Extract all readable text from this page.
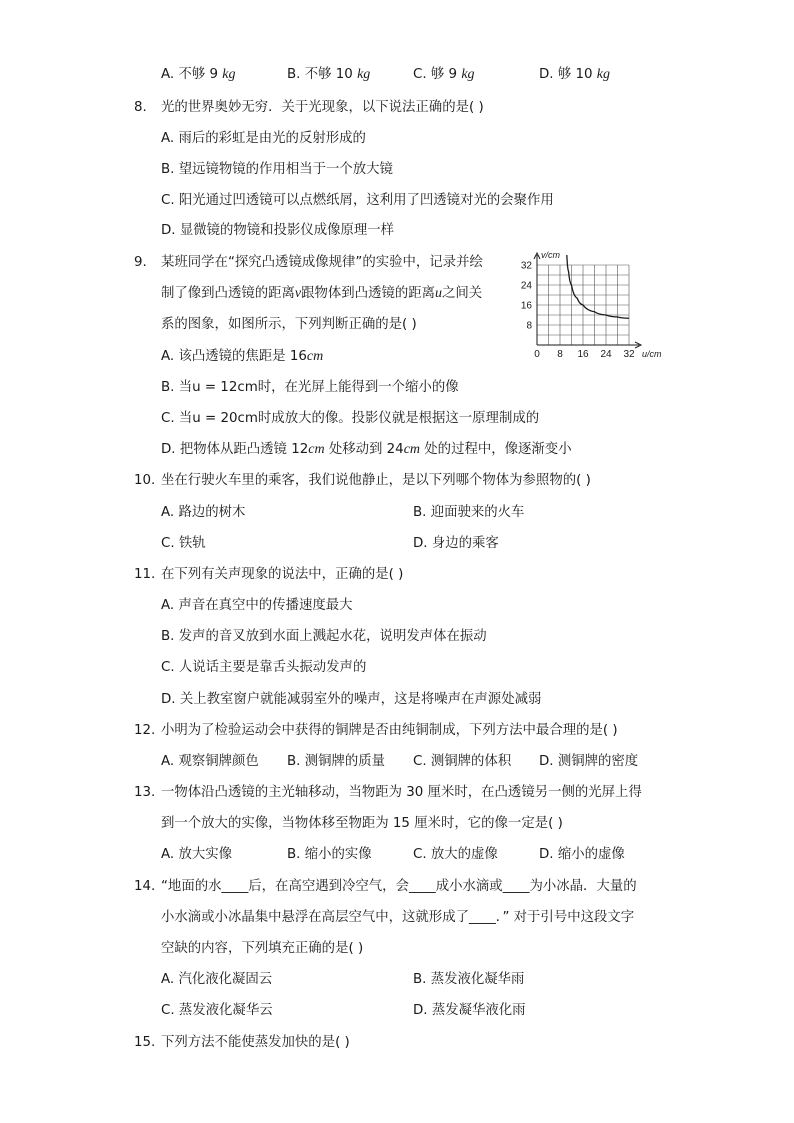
A. 不够 9 kg	B. 不够 10 kg	C. 够 9 kg	D. 够 10 kg
8. 光的世界奥妙无穷．关于光现象，以下说法正确的是( )
A. 雨后的彩虹是由光的反射形成的
B. 望远镜物镜的作用相当于一个放大镜
C. 阳光通过凹透镜可以点燃纸屑，这利用了凹透镜对光的会聚作用
D. 显微镜的物镜和投影仪成像原理一样
9. 某班同学在“探究凸透镜成像规律”的实验中，记录并绘
制了像到凸透镜的距离v跟物体到凸透镜的距离u之间关
系的图象，如图所示，下列判断正确的是( )
A. 该凸透镜的焦距是 16cm
B. 当u = 12cm时，在光屏上能得到一个缩小的像
C. 当u = 20cm时成放大的像。投影仪就是根据这一原理制成的
D. 把物体从距凸透镜 12cm 处移动到 24cm 处的过程中，像逐渐变小
0 8 16 24 32
8
16
24
32
v/cm
u/cm
10. 坐在行驶火车里的乘客，我们说他静止，是以下列哪个物体为参照物的( )
A. 路边的树木	B. 迎面驶来的火车
C. 铁轨	D. 身边的乘客
11. 在下列有关声现象的说法中，正确的是( )
A. 声音在真空中的传播速度最大
B. 发声的音叉放到水面上溅起水花，说明发声体在振动
C. 人说话主要是靠舌头振动发声的
D. 关上教室窗户就能减弱室外的噪声，这是将噪声在声源处减弱
12. 小明为了检验运动会中获得的铜牌是否由纯铜制成，下列方法中最合理的是( )
A. 观察铜牌颜色 B. 测铜牌的质量 C. 测铜牌的体积 D. 测铜牌的密度
13. 一物体沿凸透镜的主光轴移动，当物距为 30 厘米时，在凸透镜另一侧的光屏上得
到一个放大的实像，当物体移至物距为 15 厘米时，它的像一定是( )
A. 放大实像	B. 缩小的实像	C. 放大的虚像	D. 缩小的虚像
14. “地面的水____后，在高空遇到冷空气，会____成小水滴或____为小冰晶．大量的
小水滴或小冰晶集中悬浮在高层空气中，这就形成了____．” 对于引号中这段文字
空缺的内容，下列填充正确的是( )
A. 汽化液化凝固云	B. 蒸发液化凝华雨
C. 蒸发液化凝华云	D. 蒸发凝华液化雨
15. 下列方法不能使蒸发加快的是( )
